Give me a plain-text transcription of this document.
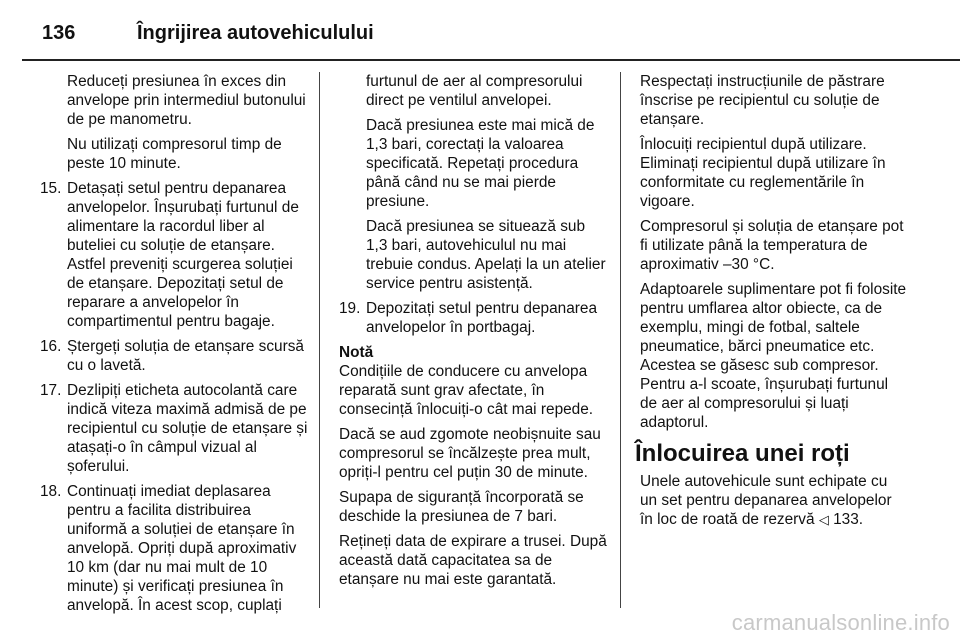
136	Îngrijirea autovehiculului

Reduceți presiunea în exces din anvelope prin intermediul butonului de pe manometru.

Nu utilizați compresorul timp de peste 10 minute.

15. Detașați setul pentru depanarea anvelopelor. Înșurubați furtunul de alimentare la racordul liber al buteliei cu soluție de etanșare. Astfel preveniți scurgerea soluției de etanșare. Depozitați setul de reparare a anvelopelor în compartimentul pentru bagaje.
16. Ștergeți soluția de etanșare scursă cu o lavetă.
17. Dezlipiți eticheta autocolantă care indică viteza maximă admisă de pe recipientul cu soluție de etanșare și atașați-o în câmpul vizual al șoferului.
18. Continuați imediat deplasarea pentru a facilita distribuirea uniformă a soluției de etanșare în anvelopă. Opriți după aproximativ 10 km (dar nu mai mult de 10 minute) și verificați presiunea în anvelopă. În acest scop, cuplați

furtunul de aer al compresorului direct pe ventilul anvelopei.

Dacă presiunea este mai mică de 1,3 bari, corectați la valoarea specificată. Repetați procedura până când nu se mai pierde presiune.

Dacă presiunea se situează sub 1,3 bari, autovehiculul nu mai trebuie condus. Apelați la un atelier service pentru asistență.

19. Depozitați setul pentru depanarea anvelopelor în portbagaj.

Notă

Condițiile de conducere cu anvelopa reparată sunt grav afectate, în consecință înlocuiți-o cât mai repede.

Dacă se aud zgomote neobișnuite sau compresorul se încălzește prea mult, opriți-l pentru cel puțin 30 de minute.

Supapa de siguranță încorporată se deschide la presiunea de 7 bari.

Rețineți data de expirare a trusei. După această dată capacitatea sa de etanșare nu mai este garantată.

Respectați instrucțiunile de păstrare înscrise pe recipientul cu soluție de etanșare.

Înlocuiți recipientul după utilizare. Eliminați recipientul după utilizare în conformitate cu reglementările în vigoare.

Compresorul și soluția de etanșare pot fi utilizate până la temperatura de aproximativ –30 °C.

Adaptoarele suplimentare pot fi folosite pentru umflarea altor obiecte, ca de exemplu, mingi de fotbal, saltele pneumatice, bărci pneumatice etc. Acestea se găsesc sub compresor. Pentru a-l scoate, înșurubați furtunul de aer al compresorului și luați adaptorul.

Înlocuirea unei roți

Unele autovehicule sunt echipate cu un set pentru depanarea anvelopelor în loc de roată de rezervă ◁ 133.

carmanualsonline.info
